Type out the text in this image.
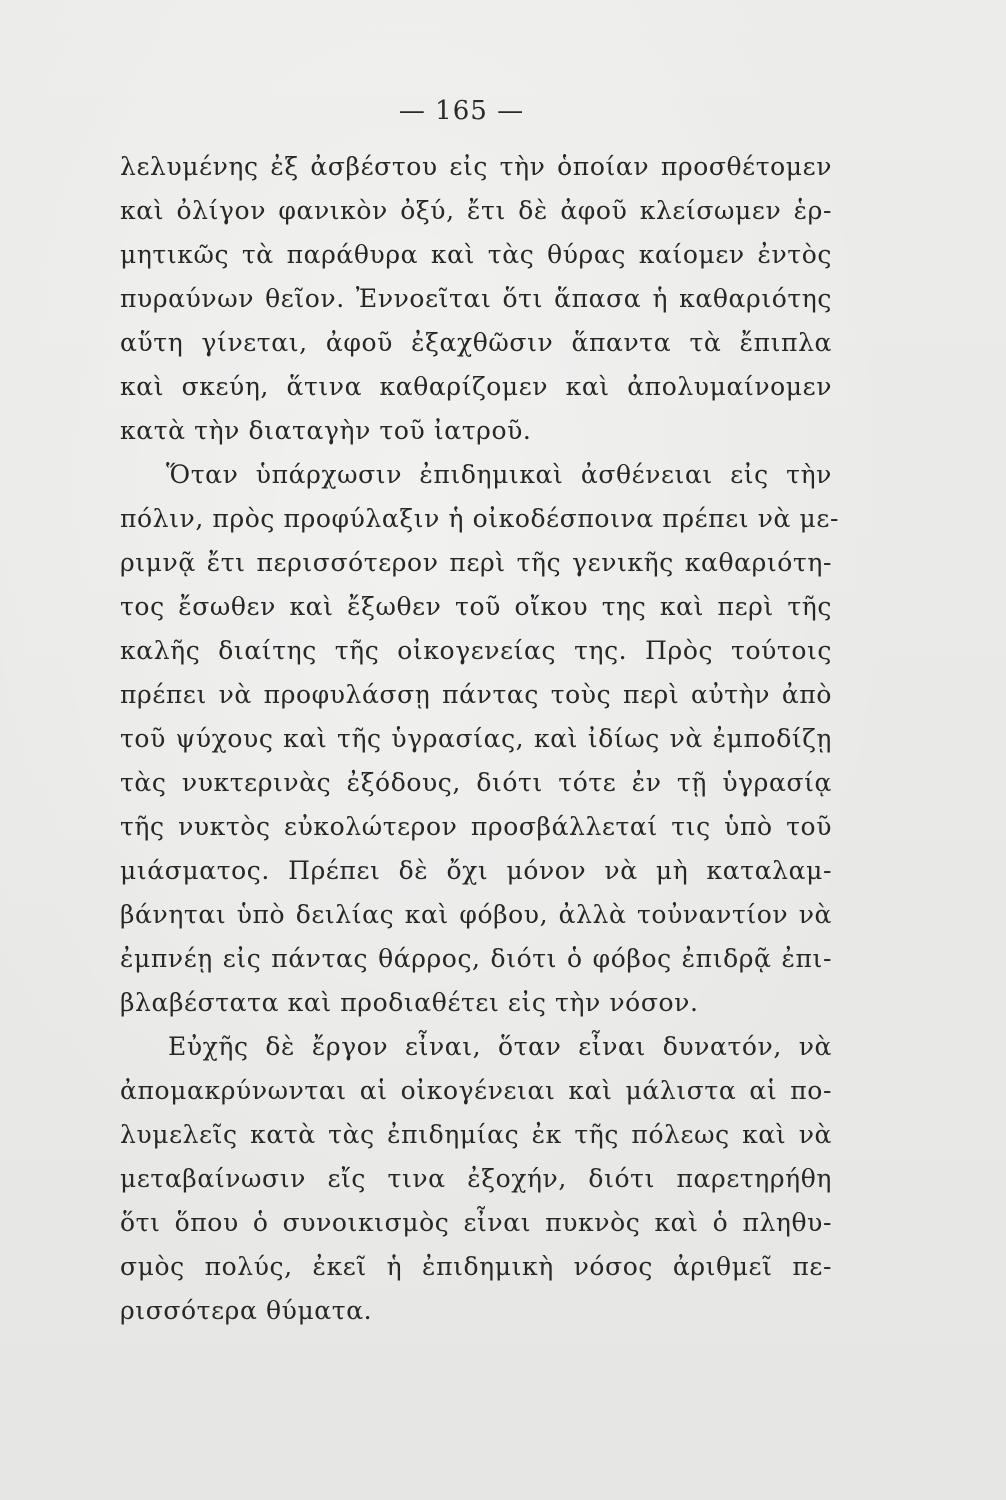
— 165 —
λελυμένης ἐξ ἀσβέστου εἰς τὴν ὁποίαν προσθέτομεν
καὶ ὀλίγον φανικὸν ὀξύ, ἔτι δὲ ἀφοῦ κλείσωμεν ἑρ-
μητικῶς τὰ παράθυρα καὶ τὰς θύρας καίομεν ἐντὸς
πυραύνων θεῖον. Ἐννοεῖται ὅτι ἅπασα ἡ καθαριότης
αὕτη γίνεται, ἀφοῦ ἐξαχθῶσιν ἅπαντα τὰ ἔπιπλα
καὶ σκεύη, ἅτινα καθαρίζομεν καὶ ἀπολυμαίνομεν
κατὰ τὴν διαταγὴν τοῦ ἰατροῦ.
Ὅταν ὑπάρχωσιν ἐπιδημικαὶ ἀσθένειαι εἰς τὴν
πόλιν, πρὸς προφύλαξιν ἡ οἰκοδέσποινα πρέπει νὰ με-
ριμνᾷ ἔτι περισσότερον περὶ τῆς γενικῆς καθαριότη-
τος ἔσωθεν καὶ ἔξωθεν τοῦ οἴκου της καὶ περὶ τῆς
καλῆς διαίτης τῆς οἰκογενείας της. Πρὸς τούτοις
πρέπει νὰ προφυλάσσῃ πάντας τοὺς περὶ αὐτὴν ἀπὸ
τοῦ ψύχους καὶ τῆς ὑγρασίας, καὶ ἰδίως νὰ ἐμποδίζῃ
τὰς νυκτερινὰς ἐξόδους, διότι τότε ἐν τῇ ὑγρασίᾳ
τῆς νυκτὸς εὐκολώτερον προσβάλλεταί τις ὑπὸ τοῦ
μιάσματος. Πρέπει δὲ ὄχι μόνον νὰ μὴ καταλαμ-
βάνηται ὑπὸ δειλίας καὶ φόβου, ἀλλὰ τοὐναντίον νὰ
ἐμπνέῃ εἰς πάντας θάρρος, διότι ὁ φόβος ἐπιδρᾷ ἐπι-
βλαβέστατα καὶ προδιαθέτει εἰς τὴν νόσον.
Εὐχῆς δὲ ἔργον εἶναι, ὅταν εἶναι δυνατόν, νὰ
ἀπομακρύνωνται αἱ οἰκογένειαι καὶ μάλιστα αἱ πο-
λυμελεῖς κατὰ τὰς ἐπιδημίας ἐκ τῆς πόλεως καὶ νὰ
μεταβαίνωσιν εἴς τινα ἐξοχήν, διότι παρετηρήθη
ὅτι ὅπου ὁ συνοικισμὸς εἶναι πυκνὸς καὶ ὁ πληθυ-
σμὸς πολύς, ἐκεῖ ἡ ἐπιδημικὴ νόσος ἀριθμεῖ πε-
ρισσότερα θύματα.
